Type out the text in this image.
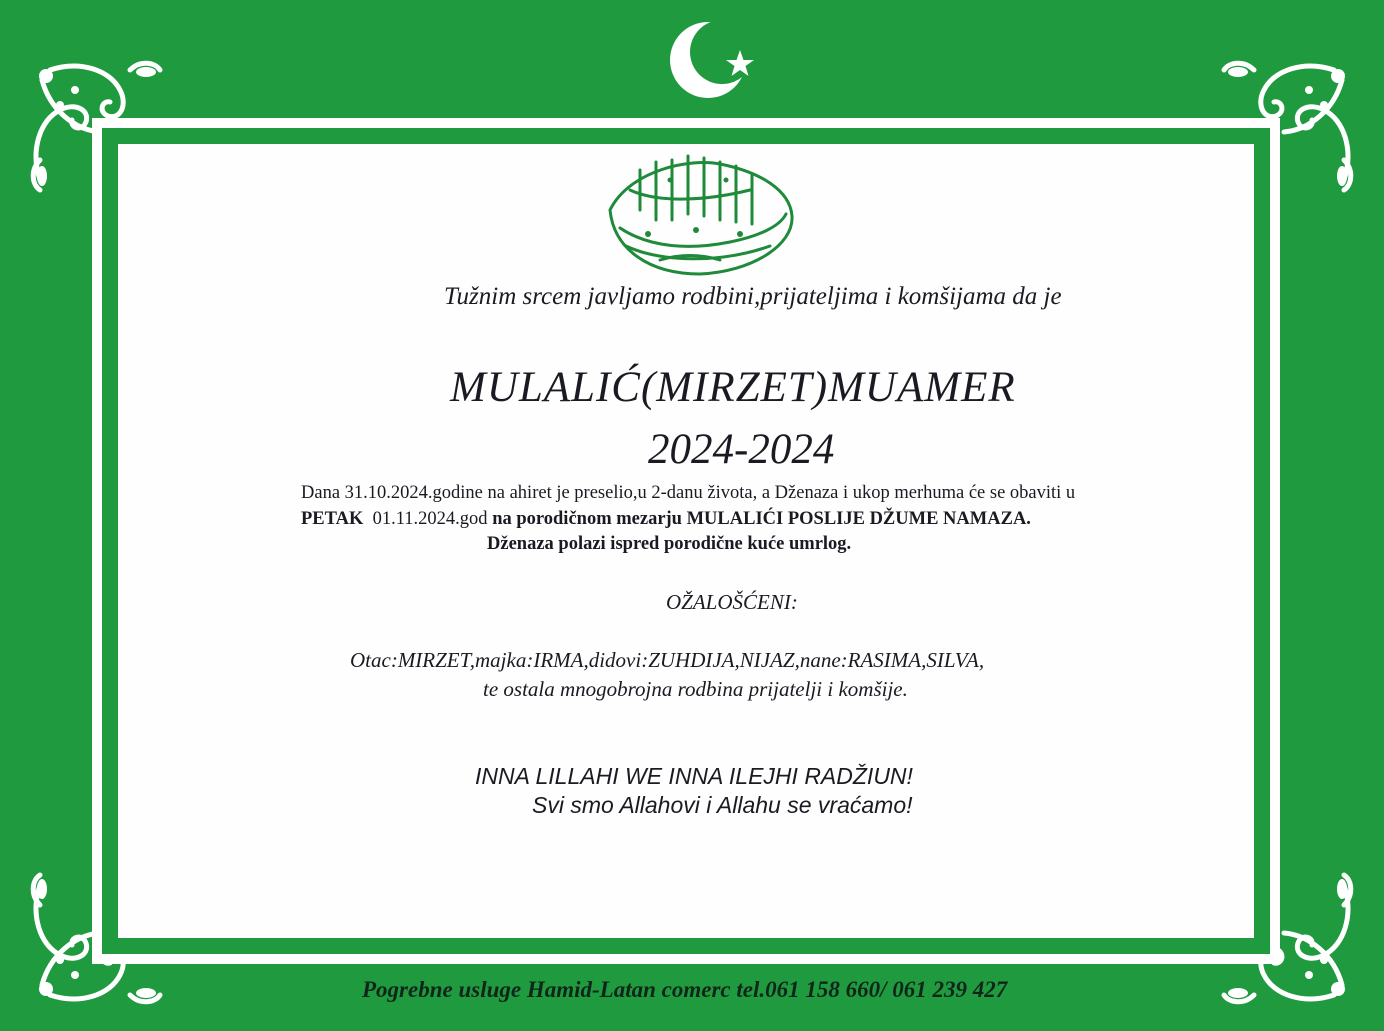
Tužnim srcem javljamo rodbini,prijateljima i komšijama da je
MULALIĆ(MIRZET)MUAMER
2024-2024
Dana 31.10.2024.godine na ahiret je preselio,u 2-danu života, a Dženaza i ukop merhuma će se obaviti u
PETAK 01.11.2024.god na porodičnom mezarju MULALIĆI POSLIJE DŽUME NAMAZA.
Dženaza polazi ispred porodične kuće umrlog.
OŽALOŠĆENI:
Otac:MIRZET,majka:IRMA,didovi:ZUHDIJA,NIJAZ,nane:RASIMA,SILVA,
te ostala mnogobrojna rodbina prijatelji i komšije.
INNA LILLAHI WE INNA ILEJHI RADŽIUN!
Svi smo Allahovi i Allahu se vraćamo!
Pogrebne usluge Hamid-Latan comerc tel.061 158 660/ 061 239 427
